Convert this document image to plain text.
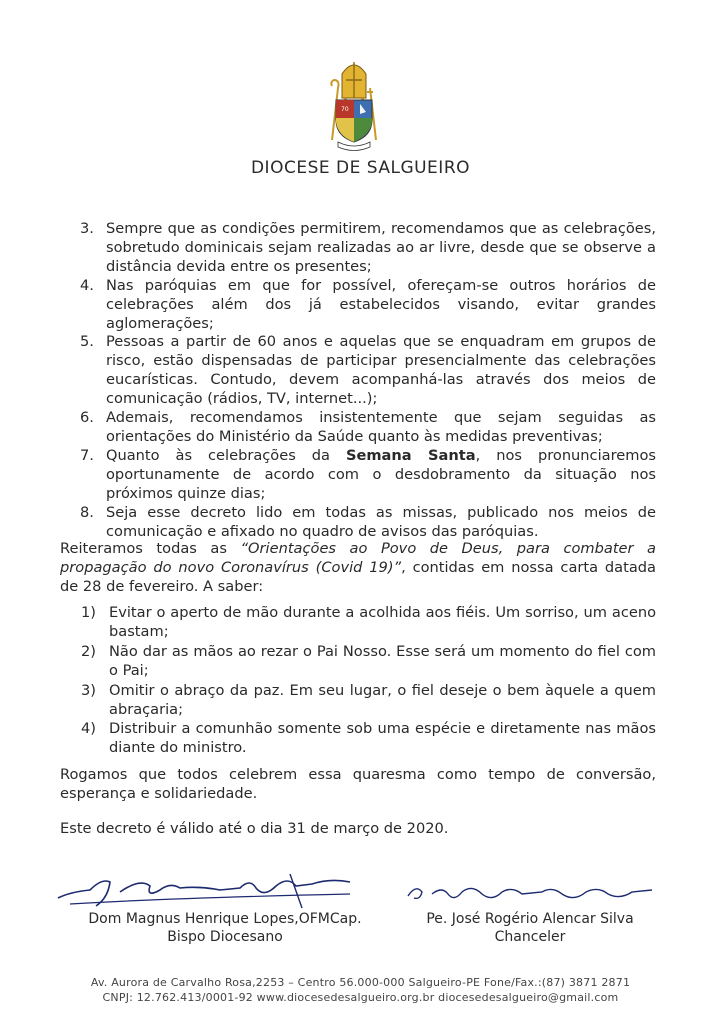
70
DIOCESE DE SALGUEIRO
3. Sempre que as condições permitirem, recomendamos que as celebrações, sobretudo dominicais sejam realizadas ao ar livre, desde que se observe a distância devida entre os presentes;
4. Nas paróquias em que for possível, ofereçam-se outros horários de celebrações além dos já estabelecidos visando, evitar grandes aglomerações;
5. Pessoas a partir de 60 anos e aquelas que se enquadram em grupos de risco, estão dispensadas de participar presencialmente das celebrações eucarísticas. Contudo, devem acompanhá-las através dos meios de comunicação (rádios, TV, internet...);
6. Ademais, recomendamos insistentemente que sejam seguidas as orientações do Ministério da Saúde quanto às medidas preventivas;
7. Quanto às celebrações da Semana Santa, nos pronunciaremos oportunamente de acordo com o desdobramento da situação nos próximos quinze dias;
8. Seja esse decreto lido em todas as missas, publicado nos meios de comunicação e afixado no quadro de avisos das paróquias.
Reiteramos todas as “Orientações ao Povo de Deus, para combater a propagação do novo Coronavírus (Covid 19)”, contidas em nossa carta datada de 28 de fevereiro. A saber:
1) Evitar o aperto de mão durante a acolhida aos fiéis. Um sorriso, um aceno bastam;
2) Não dar as mãos ao rezar o Pai Nosso. Esse será um momento do fiel com o Pai;
3) Omitir o abraço da paz. Em seu lugar, o fiel deseje o bem àquele a quem abraçaria;
4) Distribuir a comunhão somente sob uma espécie e diretamente nas mãos diante do ministro.
Rogamos que todos celebrem essa quaresma como tempo de conversão, esperança e solidariedade.
Este decreto é válido até o dia 31 de março de 2020.
Dom Magnus Henrique Lopes,OFMCap.
Bispo Diocesano
Pe. José Rogério Alencar Silva
Chanceler
Av. Aurora de Carvalho Rosa,2253 – Centro 56.000-000 Salgueiro-PE Fone/Fax.:(87) 3871 2871
CNPJ: 12.762.413/0001-92 www.diocesedesalgueiro.org.br diocesedesalgueiro@gmail.com
